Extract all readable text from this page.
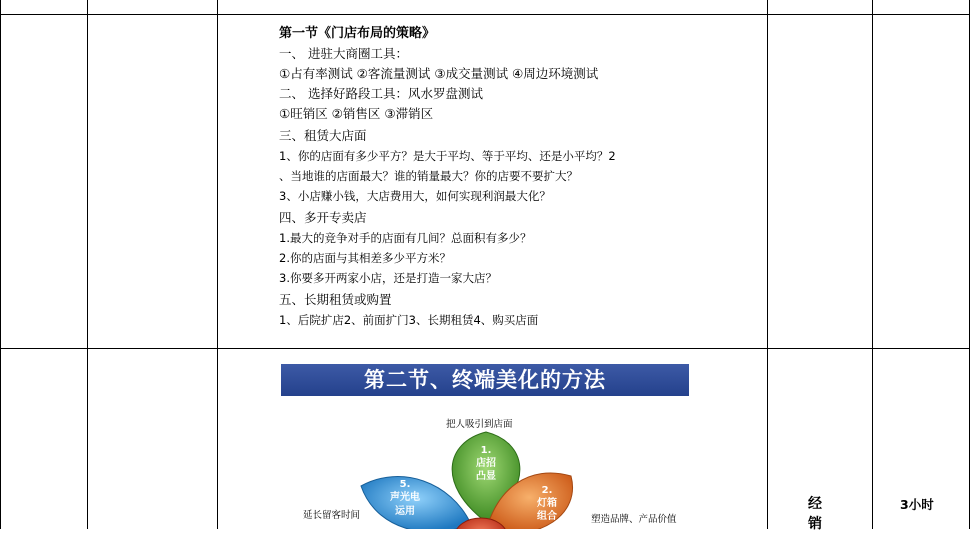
第一节《门店布局的策略》
一、 进驻大商圈工具：
①占有率测试 ②客流量测试 ③成交量测试 ④周边环境测试
二、 选择好路段工具：风水罗盘测试
①旺销区 ②销售区 ③滞销区
三、租赁大店面
1、你的店面有多少平方？是大于平均、等于平均、还是小平均？2
、当地谁的店面最大？谁的销量最大？你的店要不要扩大？
3、小店赚小钱，大店费用大，如何实现利润最大化？
四、多开专卖店
1.最大的竞争对手的店面有几间？总面积有多少？
2.你的店面与其相差多少平方米？
3.你要多开两家小店，还是打造一家大店？
五、长期租赁或购置
1、后院扩店2、前面扩门3、长期租赁4、购买店面
第二节、终端美化的方法
把人吸引到店面
延长留客时间	塑造品牌、产品价值
1.
店招
凸显
2.
灯箱
组合
5.
声光电
运用	经销
3小时
